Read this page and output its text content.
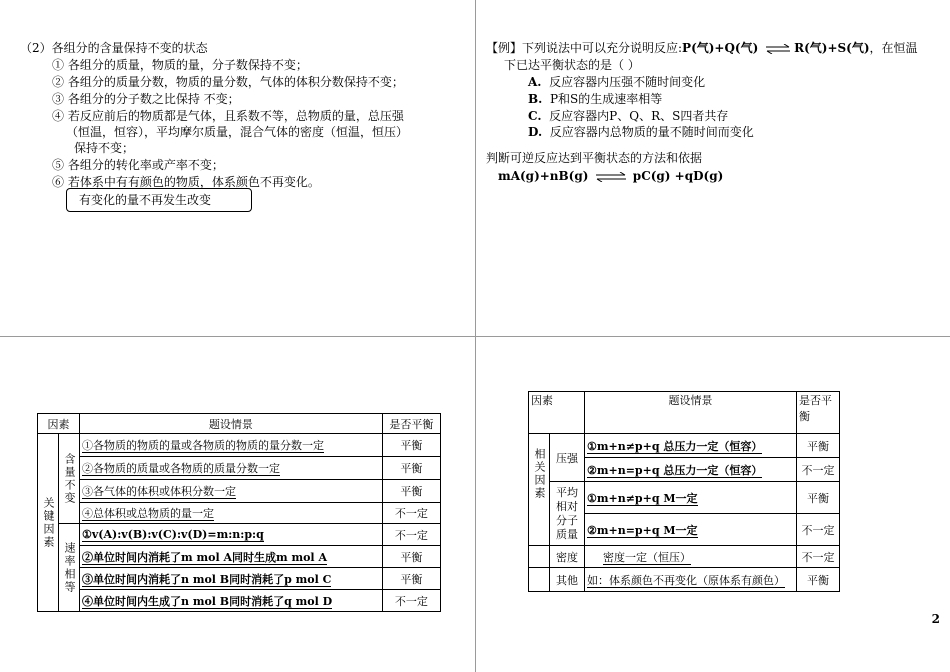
（2）各组分的含量保持不变的状态
① 各组分的质量，物质的量，分子数保持不变；
② 各组分的质量分数，物质的量分数，气体的体积分数保持不变；
③ 各组分的分子数之比保持 不变；
④ 若反应前后的物质都是气体，且系数不等，总物质的量，总压强
（恒温，恒容），平均摩尔质量，混合气体的密度（恒温，恒压）
保持不变；
⑤ 各组分的转化率或产率不变；
⑥ 若体系中有有颜色的物质，体系颜色不再变化。
有变化的量不再发生改变
【例】下列说法中可以充分说明反应:P(气)+Q(气) ⇌ R(气)+S(气)，在恒温
下已达平衡状态的是（ ）
A. 反应容器内压强不随时间变化
B. P和S的生成速率相等
C. 反应容器内P、Q、R、S四者共存
D. 反应容器内总物质的量不随时间而变化
判断可逆反应达到平衡状态的方法和依据
mA(g)+nB(g) ⇌ pC(g) +qD(g)
因素		题设情景	是否平衡

关键因素	含量不变	①各物质的物质的量或各物质的物质的量分数一定	平衡
		②各物质的质量或各物质的质量分数一定	平衡
		③各气体的体积或体积分数一定	平衡
		④总体积或总物质的量一定	不一定

	速率相等	①v(A):v(B):v(C):v(D)=m:n:p:q	不一定
		②单位时间内消耗了m mol A同时生成m mol A	平衡
		③单位时间内消耗了n mol B同时消耗了p mol C	平衡
		④单位时间内生成了n mol B同时消耗了q mol D	不一定
因素		题设情景	是否平衡

相关因素	压强	①m+n≠p+q 总压力一定（恒容）	平衡
		②m+n=p+q 总压力一定（恒容）	不一定
	平均相对分子质量	①m+n≠p+q M一定	平衡
		②m+n=p+q M一定	不一定
	密度	密度一定（恒压）	不一定
	其他	如：体系颜色不再变化（原体系有颜色）	平衡
2
